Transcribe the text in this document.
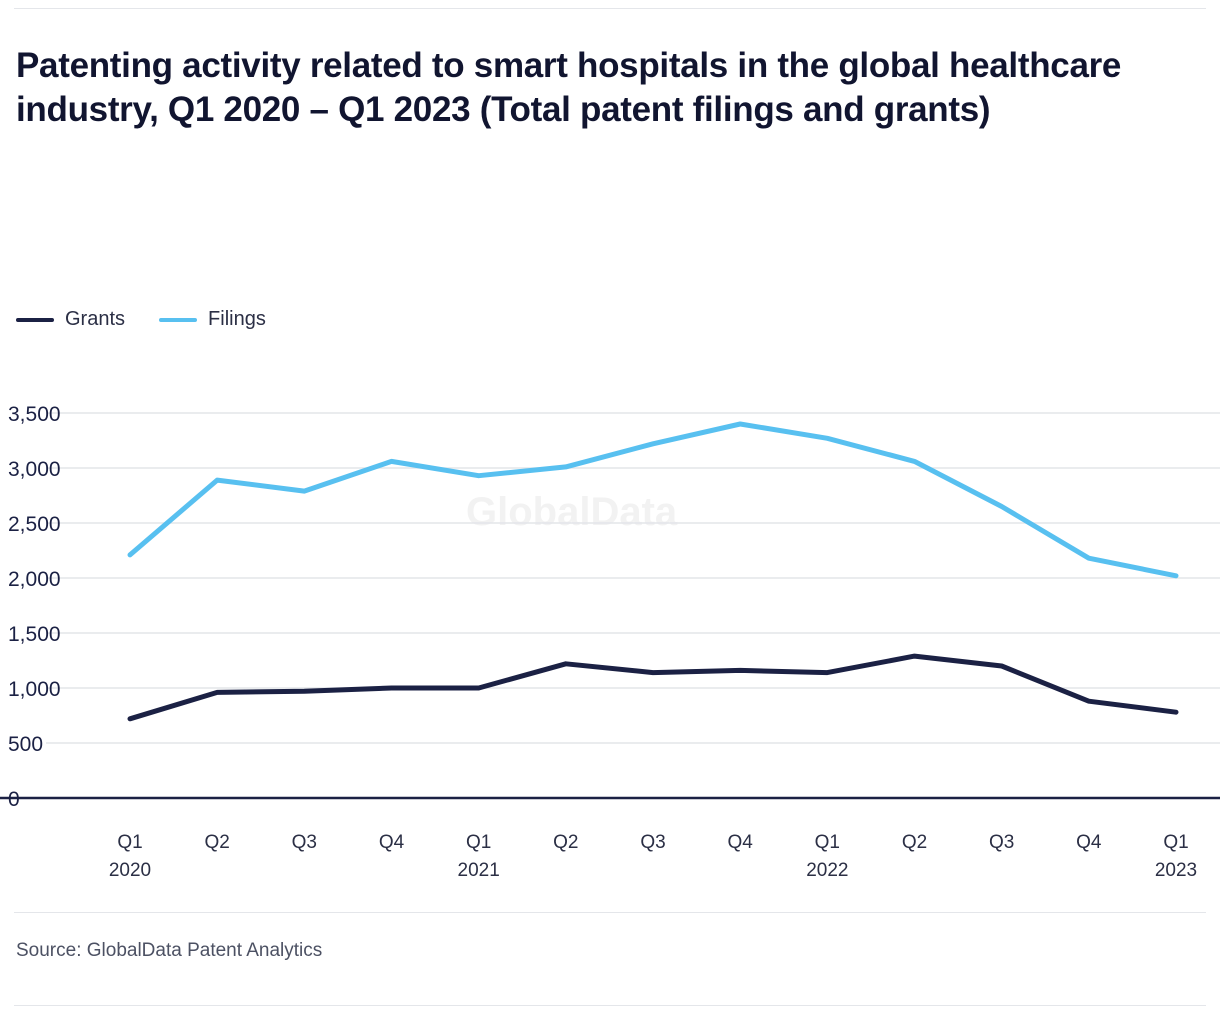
Patenting activity related to smart hospitals in the global healthcare industry, Q1 2020 – Q1 2023 (Total patent filings and grants)
Grants	Filings
GlobalData
3,500
3,000
2,500
2,000
1,500
1,000
500
0
Q1
2020
Q2	Q3	Q4	Q1
2021
Q2	Q3	Q4	Q1
2022
Q2	Q3	Q4	Q1
2023
Source: GlobalData Patent Analytics
